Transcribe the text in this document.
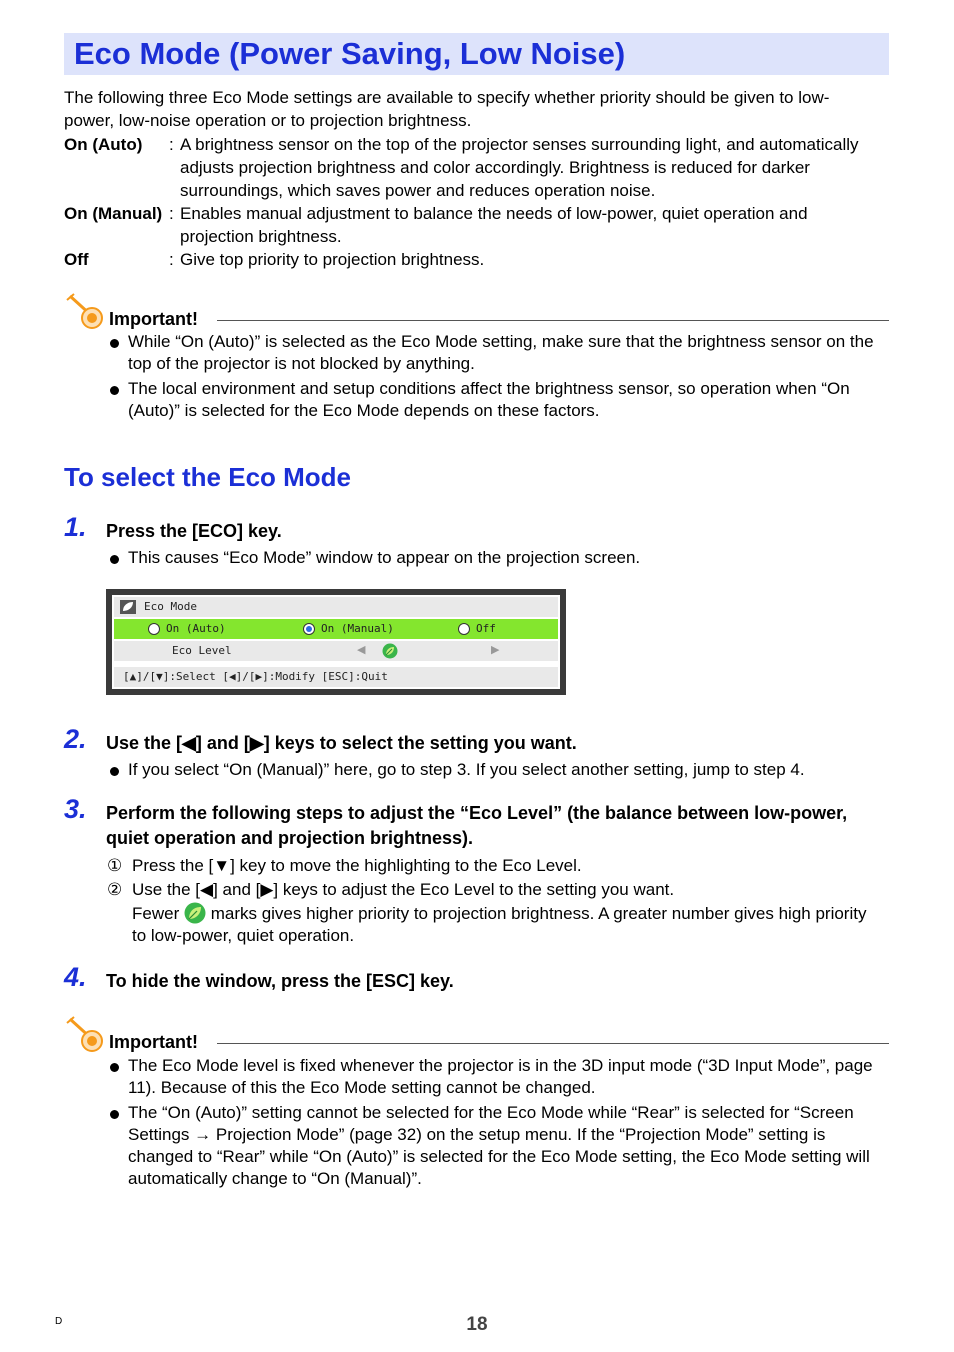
Eco Mode (Power Saving, Low Noise)
The following three Eco Mode settings are available to specify whether priority should be given to low-power, low-noise operation or to projection brightness.
On (Auto) : A brightness sensor on the top of the projector senses surrounding light, and automatically adjusts projection brightness and color accordingly. Brightness is reduced for darker surroundings, which saves power and reduces operation noise.
On (Manual) : Enables manual adjustment to balance the needs of low-power, quiet operation and projection brightness.
Off	: Give top priority to projection brightness.
Important!
While “On (Auto)” is selected as the Eco Mode setting, make sure that the brightness sensor on the top of the projector is not blocked by anything.
The local environment and setup conditions affect the brightness sensor, so operation when “On (Auto)” is selected for the Eco Mode depends on these factors.
To select the Eco Mode
1. Press the [ECO] key.
This causes “Eco Mode” window to appear on the projection screen.
Eco Mode
On (Auto)	On (Manual)	Off
Eco Level	◀	▶
[▲]/[▼]:Select [◀]/[▶]:Modify [ESC]:Quit
2. Use the [◀] and [▶] keys to select the setting you want.
If you select “On (Manual)” here, go to step 3. If you select another setting, jump to step 4.
3. Perform the following steps to adjust the “Eco Level” (the balance between low-power, quiet operation and projection brightness).
① Press the [▼] key to move the highlighting to the Eco Level.
② Use the [◀] and [▶] keys to adjust the Eco Level to the setting you want.
Fewer marks gives higher priority to projection brightness. A greater number gives high priority to low-power, quiet operation.
4. To hide the window, press the [ESC] key.
Important!
The Eco Mode level is fixed whenever the projector is in the 3D input mode (“3D Input Mode”, page 11). Because of this the Eco Mode setting cannot be changed.
The “On (Auto)” setting cannot be selected for the Eco Mode while “Rear” is selected for “Screen Settings → Projection Mode” (page 32) on the setup menu. If the “Projection Mode” setting is changed to “Rear” while “On (Auto)” is selected for the Eco Mode setting, the Eco Mode setting will automatically change to “On (Manual)”.
D	18
